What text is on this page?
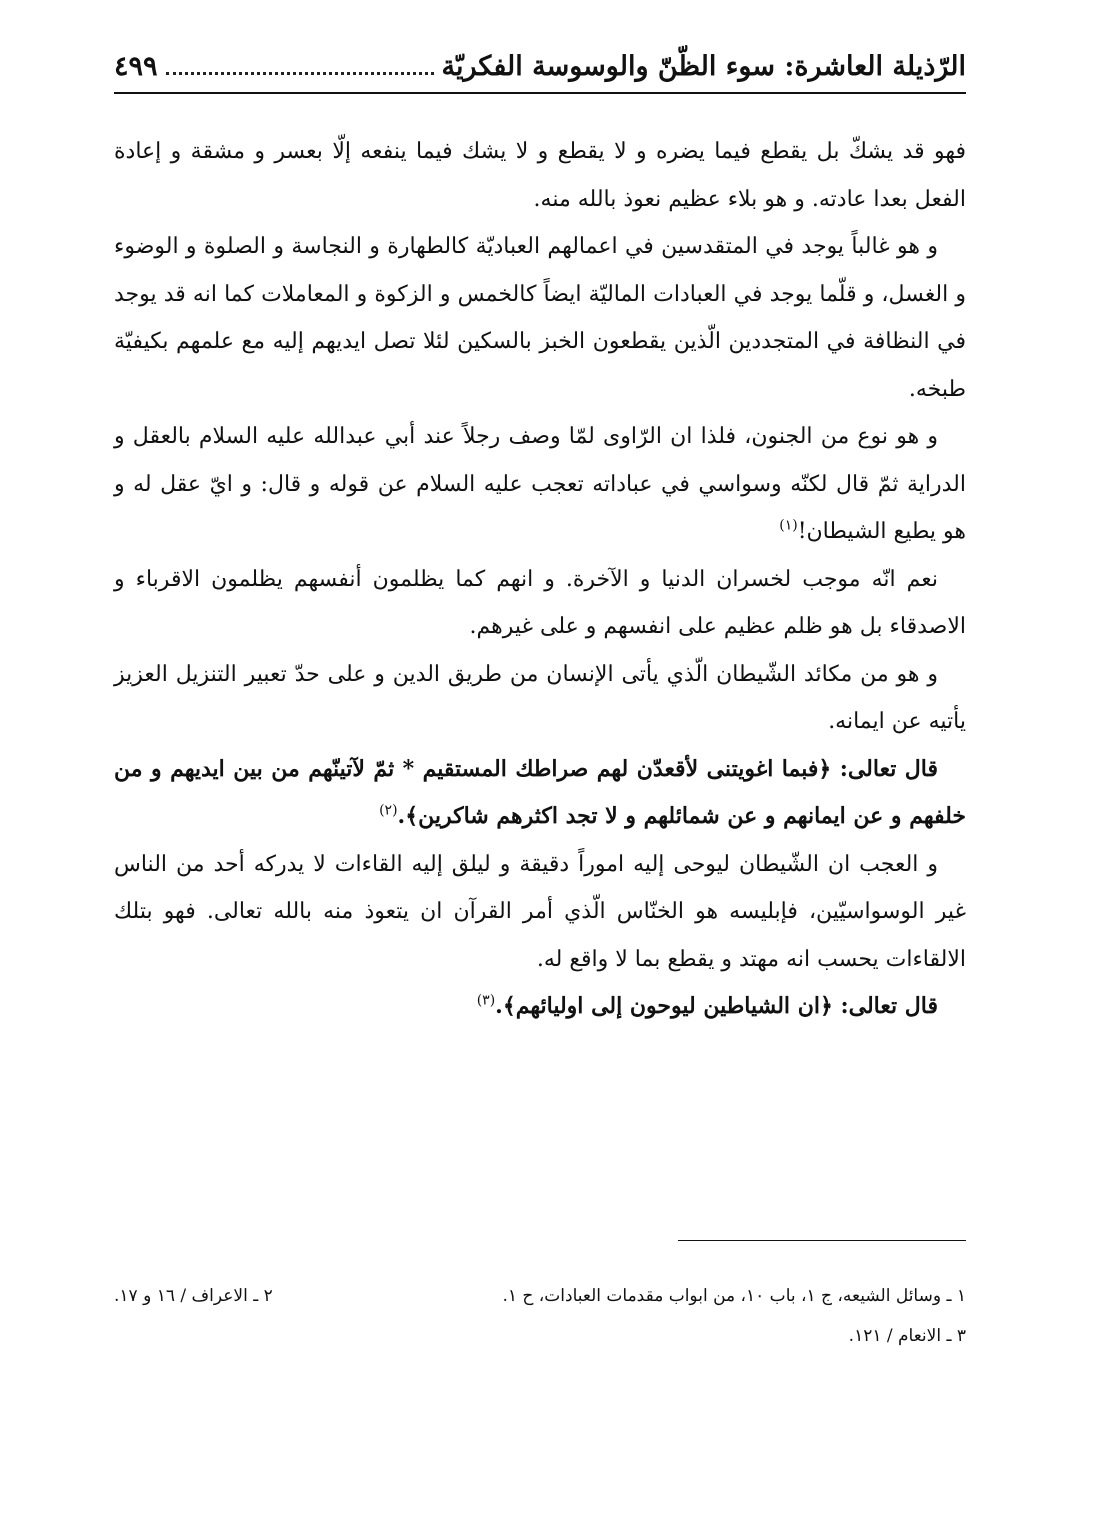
الرّذيلة العاشرة: سوء الظّنّ والوسوسة الفكريّة
٤٩٩

فهو قد يشكّ بل يقطع فيما يضره و لا يقطع و لا يشك فيما ينفعه إلّا بعسر و مشقة و إعادة الفعل بعدا عادته. و هو بلاء عظيم نعوذ بالله منه.

و هو غالباً يوجد في المتقدسين في اعمالهم العباديّة كالطهارة و النجاسة و الصلوة و الوضوء و الغسل، و قلّما يوجد في العبادات الماليّة ايضاً كالخمس و الزكوة و المعاملات كما انه قد يوجد في النظافة في المتجددين الّذين يقطعون الخبز بالسكين لئلا تصل ايديهم إليه مع علمهم بكيفيّة طبخه.

و هو نوع من الجنون، فلذا ان الرّاوى لمّا وصف رجلاً عند أبي عبدالله عليه السلام بالعقل و الدراية ثمّ قال لكنّه وسواسي في عباداته تعجب عليه السلام عن قوله و قال: و ايّ عقل له و هو يطيع الشيطان!$^{(١)}$

نعم انّه موجب لخسران الدنيا و الآخرة. و انهم كما يظلمون أنفسهم يظلمون الاقرباء و الاصدقاء بل هو ظلم عظيم على انفسهم و على غيرهم.

و هو من مكائد الشّيطان الّذي يأتى الإنسان من طريق الدين و على حدّ تعبير التنزيل العزيز يأتيه عن ايمانه.

قال تعالى: ﴿فبما اغويتنى لأقعدّن لهم صراطك المستقيم * ثمّ لآتينّهم من بين ايديهم و من خلفهم و عن ايمانهم و عن شمائلهم و لا تجد اكثرهم شاكرين﴾.$^{(٢)}$

و العجب ان الشّيطان ليوحى إليه اموراً دقيقة و ليلق إليه القاءات لا يدركه أحد من الناس غير الوسواسيّين، فإبليسه هو الخنّاس الّذي أمر القرآن ان يتعوذ منه بالله تعالى. فهو بتلك الالقاءات يحسب انه مهتد و يقطع بما لا واقع له.

قال تعالى: ﴿ان الشياطين ليوحون إلى اوليائهم﴾.$^{(٣)}$

١ ـ وسائل الشيعه، ج ١، باب ١٠، من ابواب مقدمات العبادات، ح ١.
٢ ـ الاعراف / ١٦ و ١٧.
٣ ـ الانعام / ١٢١.
